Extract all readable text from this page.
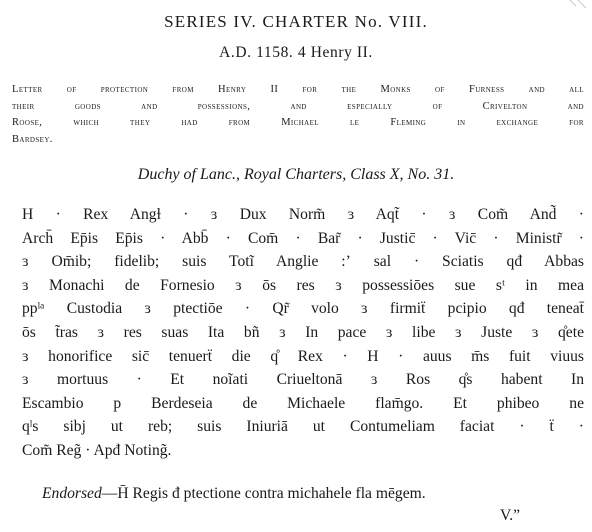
SERIES IV. CHARTER No. VIII.
A.D. 1158. 4 Henry II.
Letter of protection from Henry II for the Monks of Furness and all
their goods and possessions, and especially of Crivelton and
Roose, which they had from Michael le Fleming in exchange for
Bardsey.
Duchy of Lanc., Royal Charters, Class X, No. 31.
H · Rex Angɫ · ɜ Dux Norm̃ ɜ Aqt̃ · ɜ Com̃ And̃ ·
Arch̄ Ep̄is Ep̄is · Abb̄ · Com̄ · Bar̃ · Justic̄ · Vic̄ · Ministr̃ ·
ɜ Om̄ib; fidelib; suis Totĩ Anglie :ʼ sal · Sciatis qđ Abbas
ɜ Monachi de Fornesio ɜ ōs res ɜ possessiōes sue sᵗ in mea
ppˡᵃ Custodia ɜ ptectiōe · Qr̃ volo ɜ firmiẗ pcipio qđ teneat̄
ōs t̃ras ɜ res suas Ita bñ ɜ In pace ɜ libe ɜ Juste ɜ q̊ete
ɜ honorifice sic̄ tenuerẗ die q̊ Rex · H · auus m̄s fuit viuus
ɜ mortuus · Et noĩati Criueltonā ɜ Ros q̊s habent In
Escambio p Berdeseia de Michaele flam̄go. Et phibeo ne
qˡs sibj ut reb; suis Iniuriā ut Contumeliam faciat · ẗ ·
Com̃ Reg̃ · Apđ Noting̃.
Endorsed—H̄ Regis đ ptectione contra michahele fla mēgem.
V.”
